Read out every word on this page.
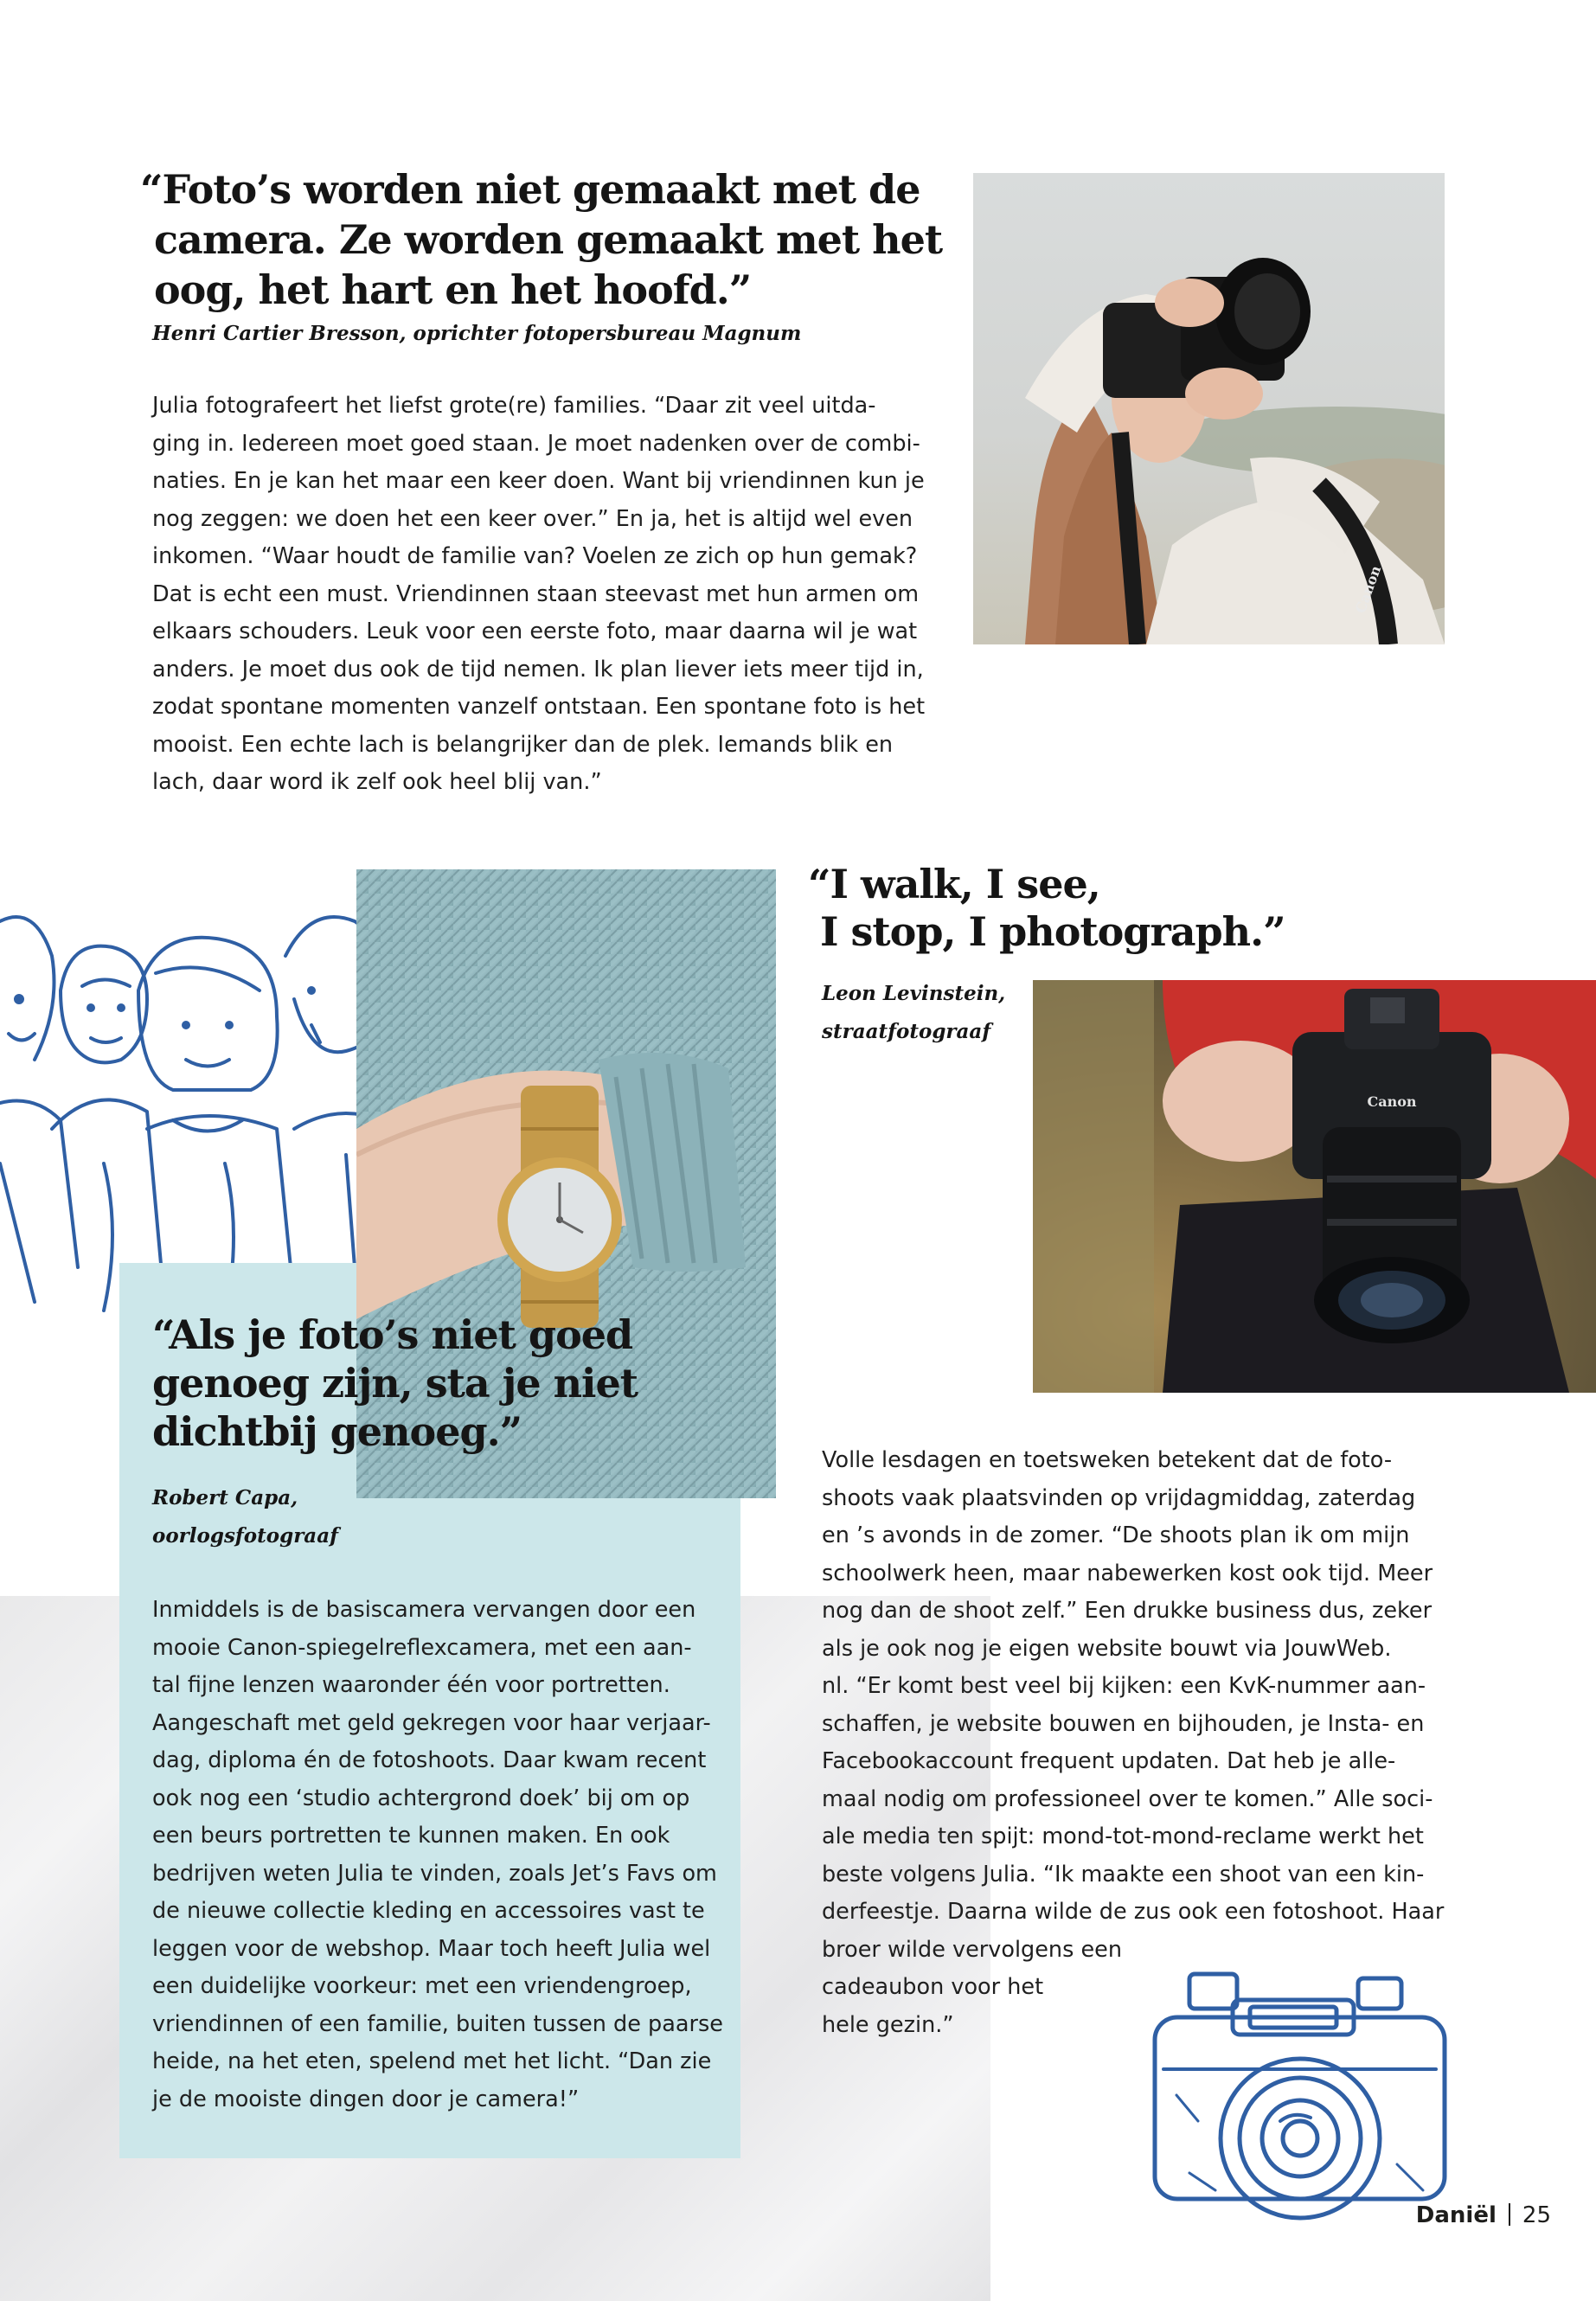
“Foto’s worden niet gemaakt met de
camera. Ze worden gemaakt met het
oog, het hart en het hoofd.”
Henri Cartier Bresson, oprichter fotopersbureau Magnum
Julia fotografeert het liefst grote(re) families. “Daar zit veel uitda-
ging in. Iedereen moet goed staan. Je moet nadenken over de combi-
naties. En je kan het maar een keer doen. Want bij vriendinnen kun je
nog zeggen: we doen het een keer over.” En ja, het is altijd wel even
inkomen. “Waar houdt de familie van? Voelen ze zich op hun gemak?
Dat is echt een must. Vriendinnen staan steevast met hun armen om
elkaars schouders. Leuk voor een eerste foto, maar daarna wil je wat
anders. Je moet dus ook de tijd nemen. Ik plan liever iets meer tijd in,
zodat spontane momenten vanzelf ontstaan. Een spontane foto is het
mooist. Een echte lach is belangrijker dan de plek. Iemands blik en
lach, daar word ik zelf ook heel blij van.”
Canon
“I walk, I see,
I stop, I photograph.”
Leon Levinstein,
straatfotograaf
Canon
“Als je foto’s niet goed
genoeg zijn, sta je niet
dichtbij genoeg.”
Robert Capa,
oorlogsfotograaf
Inmiddels is de basiscamera vervangen door een
mooie Canon-spiegelreflexcamera, met een aan-
tal fijne lenzen waaronder één voor portretten.
Aangeschaft met geld gekregen voor haar verjaar-
dag, diploma én de fotoshoots. Daar kwam recent
ook nog een ‘studio achtergrond doek’ bij om op
een beurs portretten te kunnen maken. En ook
bedrijven weten Julia te vinden, zoals Jet’s Favs om
de nieuwe collectie kleding en accessoires vast te
leggen voor de webshop. Maar toch heeft Julia wel
een duidelijke voorkeur: met een vriendengroep,
vriendinnen of een familie, buiten tussen de paarse
heide, na het eten, spelend met het licht. “Dan zie
je de mooiste dingen door je camera!”
Volle lesdagen en toetsweken betekent dat de foto-
shoots vaak plaatsvinden op vrijdagmiddag, zaterdag
en ’s avonds in de zomer. “De shoots plan ik om mijn
schoolwerk heen, maar nabewerken kost ook tijd. Meer
nog dan de shoot zelf.” Een drukke business dus, zeker
als je ook nog je eigen website bouwt via JouwWeb.
nl. “Er komt best veel bij kijken: een KvK-nummer aan-
schaffen, je website bouwen en bijhouden, je Insta- en
Facebookaccount frequent updaten. Dat heb je alle-
maal nodig om professioneel over te komen.” Alle soci-
ale media ten spijt: mond-tot-mond-reclame werkt het
beste volgens Julia. “Ik maakte een shoot van een kin-
derfeestje. Daarna wilde de zus ook een fotoshoot. Haar
broer wilde vervolgens een
cadeaubon voor het
hele gezin.”
Daniël 25
